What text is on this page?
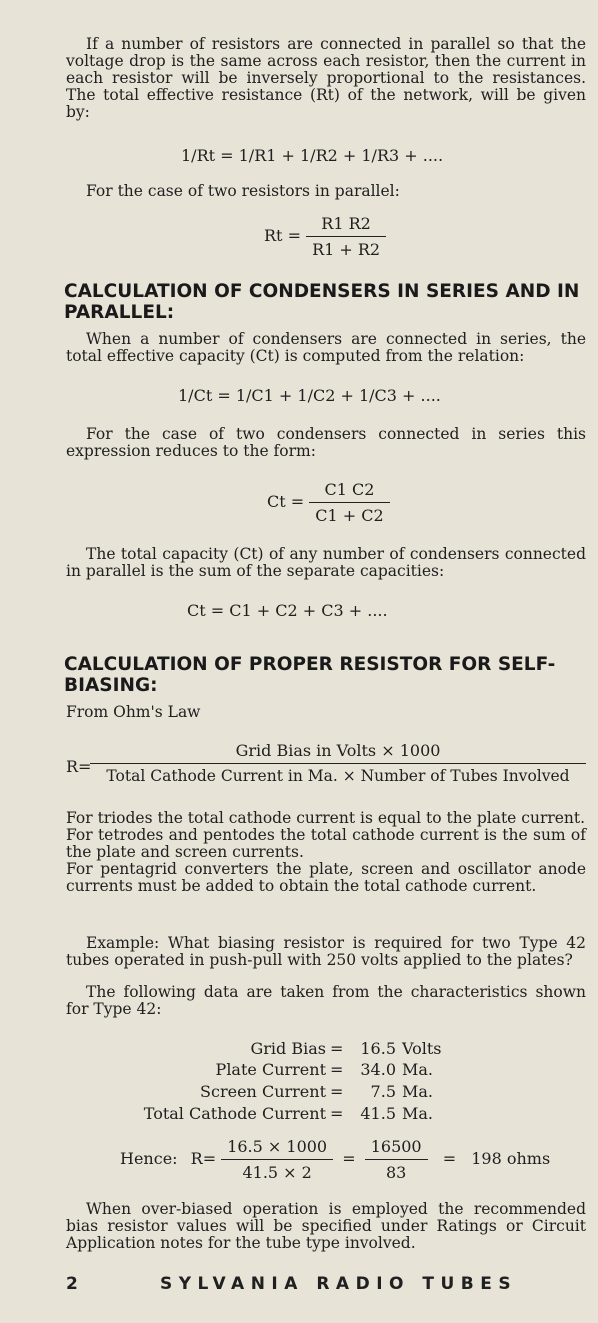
If a number of resistors are connected in parallel so that the voltage drop is the same across each resistor, then the current in each resistor will be inversely proportional to the resistances. The total effective resistance (Rt) of the network, will be given by:

1/Rt = 1/R1 + 1/R2 + 1/R3 + ....

For the case of two resistors in parallel:

$Rt = \frac{R1 R2}{R1 + R2}$
CALCULATION OF CONDENSERS IN SERIES AND IN PARALLEL:

When a number of condensers are connected in series, the total effective capacity (Ct) is computed from the relation:

1/Ct = 1/C1 + 1/C2 + 1/C3 + ....

For the case of two condensers connected in series this expression reduces to the form:

$Ct = \frac{C1 C2}{C1 + C2}$

The total capacity (Ct) of any number of condensers connected in parallel is the sum of the separate capacities:

Ct = C1 + C2 + C3 + ....
CALCULATION OF PROPER RESISTOR FOR SELF-BIASING:

From Ohm's Law

R=
Grid Bias in Volts × 1000
Total Cathode Current in Ma. × Number of Tubes Involved

For triodes the total cathode current is equal to the plate current.

For tetrodes and pentodes the total cathode current is the sum of the plate and screen currents.

For pentagrid converters the plate, screen and oscillator anode currents must be added to obtain the total cathode current.

Example: What biasing resistor is required for two Type 42 tubes operated in push-pull with 250 volts applied to the plates?

The following data are taken from the characteristics shown for Type 42:

Grid Bias =	16.5 Volts
Plate Current =	34.0 Ma.
Screen Current =	7.5 Ma.
Total Cathode Current =	41.5 Ma.
Hence: $R= \frac{16.5 \times 1000}{41.5 \times 2} = \frac{16500}{83} = 198$ ohms

When over-biased operation is employed the recommended bias resistor values will be specified under Ratings or Circuit Application notes for the tube type involved.

2	SYLVANIA RADIO TUBES
